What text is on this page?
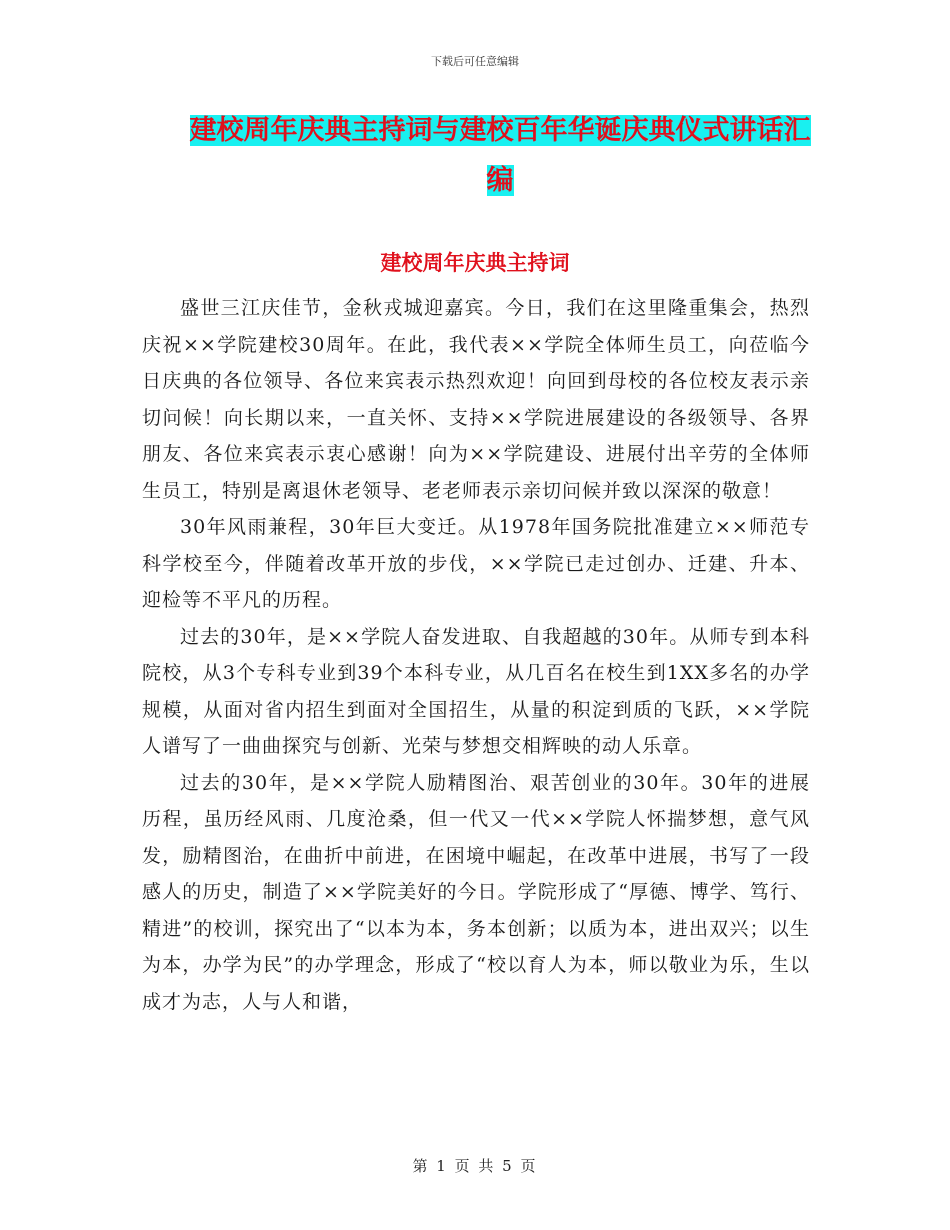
下载后可任意编辑
建校周年庆典主持词与建校百年华诞庆典仪式讲话汇编
建校周年庆典主持词

盛世三江庆佳节，金秋戎城迎嘉宾。今日，我们在这里隆重集会，热烈庆祝××学院建校30周年。在此，我代表××学院全体师生员工，向莅临今日庆典的各位领导、各位来宾表示热烈欢迎！向回到母校的各位校友表示亲切问候！向长期以来，一直关怀、支持××学院进展建设的各级领导、各界朋友、各位来宾表示衷心感谢！向为××学院建设、进展付出辛劳的全体师生员工，特别是离退休老领导、老老师表示亲切问候并致以深深的敬意！

30年风雨兼程，30年巨大变迁。从1978年国务院批准建立××师范专科学校至今，伴随着改革开放的步伐，××学院已走过创办、迁建、升本、迎检等不平凡的历程。

过去的30年，是××学院人奋发进取、自我超越的30年。从师专到本科院校，从3个专科专业到39个本科专业，从几百名在校生到1XX多名的办学规模，从面对省内招生到面对全国招生，从量的积淀到质的飞跃，××学院人谱写了一曲曲探究与创新、光荣与梦想交相辉映的动人乐章。

过去的30年，是××学院人励精图治、艰苦创业的30年。30年的进展历程，虽历经风雨、几度沧桑，但一代又一代××学院人怀揣梦想，意气风发，励精图治，在曲折中前进，在困境中崛起，在改革中进展，书写了一段感人的历史，制造了××学院美好的今日。学院形成了“厚德、博学、笃行、精进”的校训，探究出了“以本为本，务本创新；以质为本，进出双兴；以生为本，办学为民”的办学理念，形成了“校以育人为本，师以敬业为乐，生以成才为志，人与人和谐，

第 1 页 共 5 页
